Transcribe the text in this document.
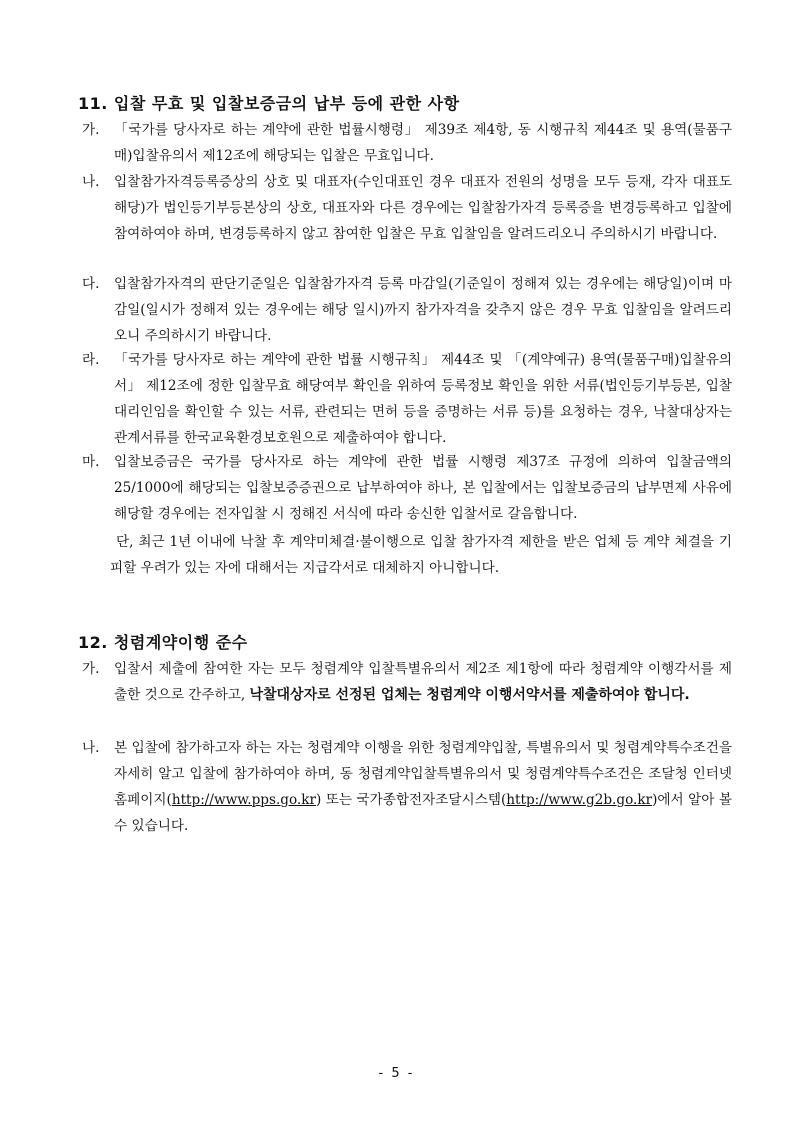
11. 입찰 무효 및 입찰보증금의 납부 등에 관한 사항
가.	「국가를 당사자로 하는 계약에 관한 법률시행령」 제39조 제4항, 동 시행규칙 제44조 및 용역(물품구매)입찰유의서 제12조에 해당되는 입찰은 무효입니다.
나.	입찰참가자격등록증상의 상호 및 대표자(수인대표인 경우 대표자 전원의 성명을 모두 등재, 각자 대표도 해당)가 법인등기부등본상의 상호, 대표자와 다른 경우에는 입찰참가자격 등록증을 변경등록하고 입찰에 참여하여야 하며, 변경등록하지 않고 참여한 입찰은 무효 입찰임을 알려드리오니 주의하시기 바랍니다.
다.	입찰참가자격의 판단기준일은 입찰참가자격 등록 마감일(기준일이 정해져 있는 경우에는 해당일)이며 마감일(일시가 정해져 있는 경우에는 해당 일시)까지 참가자격을 갖추지 않은 경우 무효 입찰임을 알려드리오니 주의하시기 바랍니다.
라.	「국가를 당사자로 하는 계약에 관한 법률 시행규칙」 제44조 및 「(계약예규) 용역(물품구매)입찰유의서」 제12조에 정한 입찰무효 해당여부 확인을 위하여 등록정보 확인을 위한 서류(법인등기부등본, 입찰대리인임을 확인할 수 있는 서류, 관련되는 면허 등을 증명하는 서류 등)를 요청하는 경우, 낙찰대상자는 관계서류를 한국교육환경보호원으로 제출하여야 합니다.
마.	입찰보증금은 국가를 당사자로 하는 계약에 관한 법률 시행령 제37조 규정에 의하여 입찰금액의 25/1000에 해당되는 입찰보증증권으로 납부하여야 하나, 본 입찰에서는 입찰보증금의 납부면제 사유에 해당할 경우에는 전자입찰 시 정해진 서식에 따라 송신한 입찰서로 갈음합니다.
단, 최근 1년 이내에 낙찰 후 계약미체결·불이행으로 입찰 참가자격 제한을 받은 업체 등 계약 체결을 기피할 우려가 있는 자에 대해서는 지급각서로 대체하지 아니합니다.
12. 청렴계약이행 준수
가.	입찰서 제출에 참여한 자는 모두 청렴계약 입찰특별유의서 제2조 제1항에 따라 청렴계약 이행각서를 제출한 것으로 간주하고, 낙찰대상자로 선정된 업체는 청렴계약 이행서약서를 제출하여야 합니다.
나.	본 입찰에 참가하고자 하는 자는 청렴계약 이행을 위한 청렴계약입찰, 특별유의서 및 청렴계약특수조건을 자세히 알고 입찰에 참가하여야 하며, 동 청렴계약입찰특별유의서 및 청렴계약특수조건은 조달청 인터넷 홈페이지(http://www.pps.go.kr) 또는 국가종합전자조달시스템(http://www.g2b.go.kr)에서 알아 볼 수 있습니다.
- 5 -
